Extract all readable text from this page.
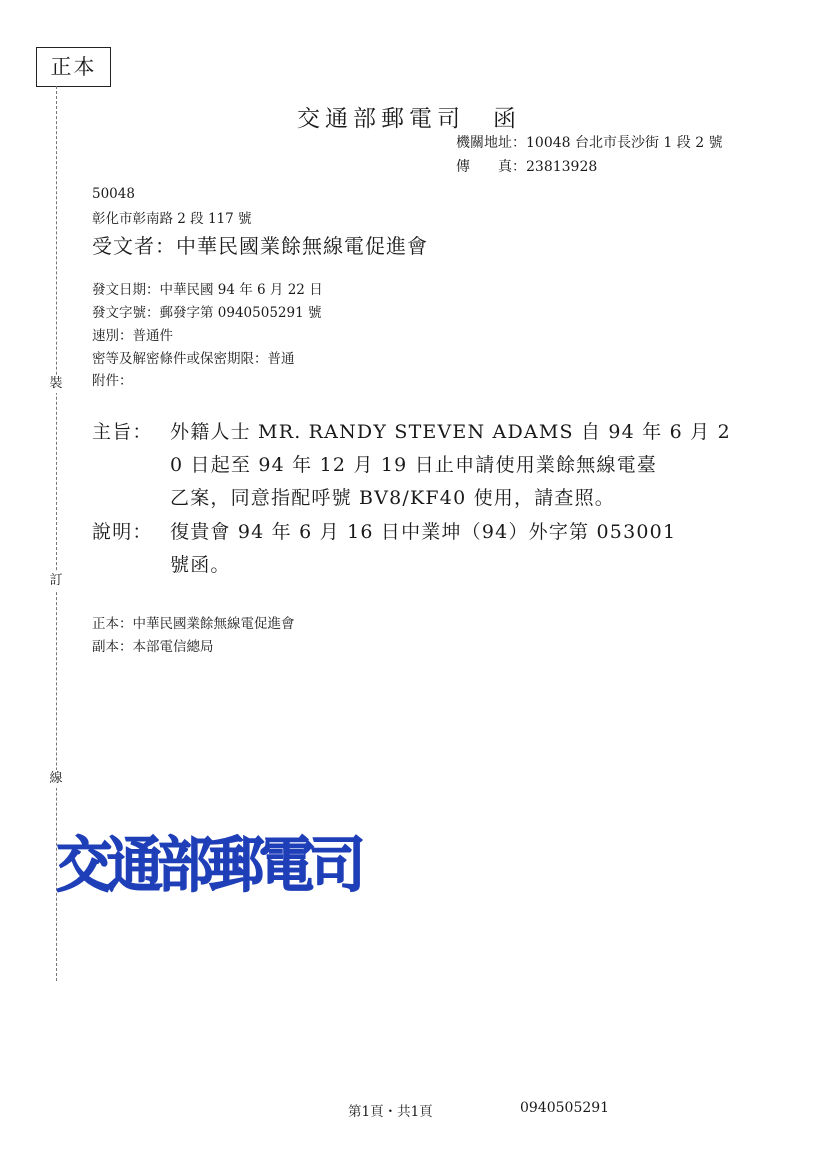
正本
裝
訂
線
交通部郵電司　函
機關地址：10048 台北市長沙街 1 段 2 號
傳　　真：23813928
50048
彰化市彰南路 2 段 117 號
受文者：中華民國業餘無線電促進會
發文日期：中華民國 94 年 6 月 22 日
發文字號：郵發字第 0940505291 號
速別：普通件
密等及解密條件或保密期限：普通
附件：
主旨： 外籍人士 MR. RANDY STEVEN ADAMS 自 94 年 6 月 2
0 日起至 94 年 12 月 19 日止申請使用業餘無線電臺
乙案，同意指配呼號 BV8/KF40 使用，請查照。
說明： 復貴會 94 年 6 月 16 日中業坤（94）外字第 053001
號函。
正本：中華民國業餘無線電促進會
副本：本部電信總局
交通部郵電司
第1頁・共1頁	0940505291
